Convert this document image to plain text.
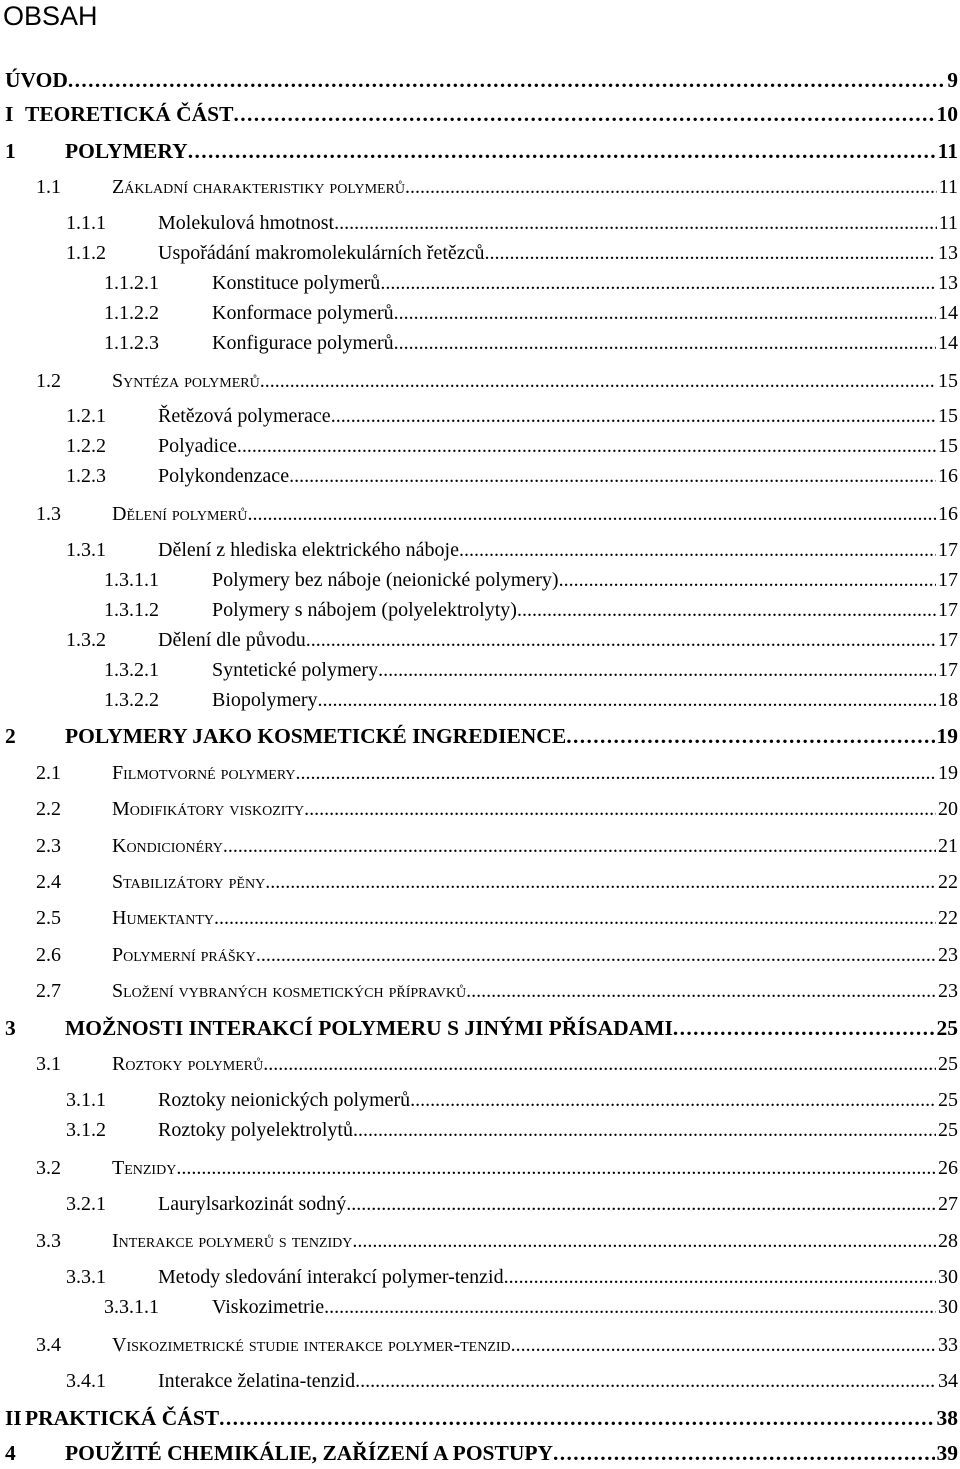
OBSAH
ÚVOD . . .	9
I TEORETICKÁ ČÁST . . .	10
1	POLYMERY . . .	11
1.1	Základní charakteristiky polymerů . . .	11
1.1.1	Molekulová hmotnost . . .	11
1.1.2	Uspořádání makromolekulárních řetězců . . .	13
1.1.2.1	Konstituce polymerů . . .	13
1.1.2.2	Konformace polymerů . . .	14
1.1.2.3	Konfigurace polymerů . . .	14
1.2	Syntéza polymerů . . .	15
1.2.1	Řetězová polymerace . . .	15
1.2.2	Polyadice . . .	15
1.2.3	Polykondenzace . . .	16
1.3	Dělení polymerů . . .	16
1.3.1	Dělení z hlediska elektrického náboje . . .	17
1.3.1.1	Polymery bez náboje (neionické polymery) . . .	17
1.3.1.2	Polymery s nábojem (polyelektrolyty) . . .	17
1.3.2	Dělení dle původu . . .	17
1.3.2.1	Syntetické polymery . . .	17
1.3.2.2	Biopolymery . . .	18
2	POLYMERY JAKO KOSMETICKÉ INGREDIENCE . . .	19
2.1	Filmotvorné polymery . . .	19
2.2	Modifikátory viskozity . . .	20
2.3	Kondicionéry . . .	21
2.4	Stabilizátory pěny . . .	22
2.5	Humektanty . . .	22
2.6	Polymerní prášky . . .	23
2.7	Složení vybraných kosmetických přípravků . . .	23
3	MOŽNOSTI INTERAKCÍ POLYMERU S JINÝMI PŘÍSADAMI . . .	25
3.1	Roztoky polymerů . . .	25
3.1.1	Roztoky neionických polymerů . . .	25
3.1.2	Roztoky polyelektrolytů . . .	25
3.2	Tenzidy . . .	26
3.2.1	Laurylsarkozinát sodný . . .	27
3.3	Interakce polymerů s tenzidy . . .	28
3.3.1	Metody sledování interakcí polymer-tenzid . . .	30
3.3.1.1	Viskozimetrie . . .	30
3.4	Viskozimetrické studie interakce polymer-tenzid . . .	33
3.4.1	Interakce želatina-tenzid . . .	34
II PRAKTICKÁ ČÁST . . .	38
4	POUŽITÉ CHEMIKÁLIE, ZAŘÍZENÍ A POSTUPY . . .	39
